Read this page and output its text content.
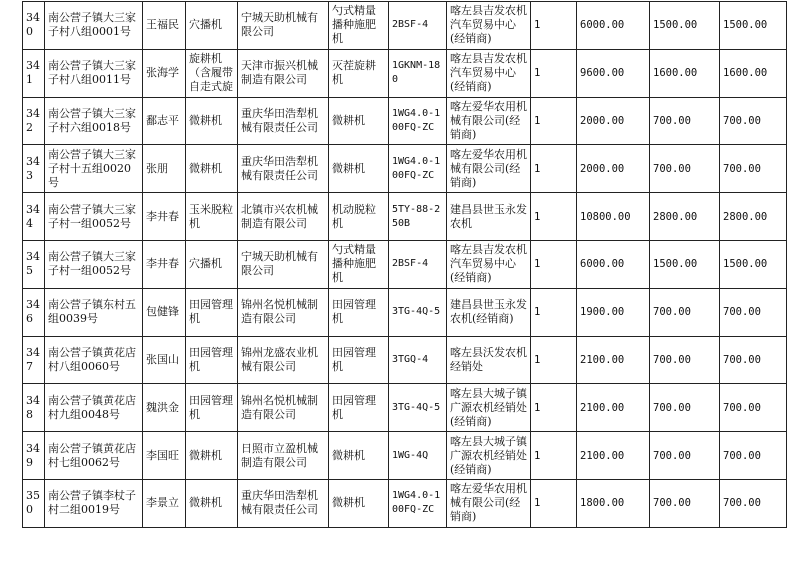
340	南公营子镇大三家子村八组0001号	王福民	穴播机	宁城天助机械有限公司	勺式精量播种施肥机	2BSF-4	喀左县吉发农机汽车贸易中心(经销商)	1	6000.00	1500.00	1500.00
341	南公营子镇大三家子村八组0011号	张海学	旋耕机（含履带自走式旋	天津市振兴机械制造有限公司	灭茬旋耕机	1GKNM-180	喀左县吉发农机汽车贸易中心(经销商)	1	9600.00	1600.00	1600.00
342	南公营子镇大三家子村六组0018号	鄱志平	微耕机	重庆华田浩犁机械有限责任公司	微耕机	1WG4.0-100FQ-ZC	喀左爱华农用机械有限公司(经销商)	1	2000.00	700.00	700.00
343	南公营子镇大三家子村十五组0020号	张朋	微耕机	重庆华田浩犁机械有限责任公司	微耕机	1WG4.0-100FQ-ZC	喀左爱华农用机械有限公司(经销商)	1	2000.00	700.00	700.00
344	南公营子镇大三家子村一组0052号	李井春	玉米脱粒机	北镇市兴农机械制造有限公司	机动脱粒机	5TY-88-250B	建昌县世玉永发农机	1	10800.00	2800.00	2800.00
345	南公营子镇大三家子村一组0052号	李井春	穴播机	宁城天助机械有限公司	勺式精量播种施肥机	2BSF-4	喀左县吉发农机汽车贸易中心(经销商)	1	6000.00	1500.00	1500.00
346	南公营子镇东村五组0039号	包健锋	田园管理机	锦州名悦机械制造有限公司	田园管理机	3TG-4Q-5	建昌县世玉永发农机(经销商)	1	1900.00	700.00	700.00
347	南公营子镇黄花店村八组0060号	张国山	田园管理机	锦州龙盛农业机械有限公司	田园管理机	3TGQ-4	喀左县沃发农机经销处	1	2100.00	700.00	700.00
348	南公营子镇黄花店村九组0048号	魏洪金	田园管理机	锦州名悦机械制造有限公司	田园管理机	3TG-4Q-5	喀左县大城子镇广源农机经销处(经销商)	1	2100.00	700.00	700.00
349	南公营子镇黄花店村七组0062号	李国旺	微耕机	日照市立盈机械制造有限公司	微耕机	1WG-4Q	喀左县大城子镇广源农机经销处(经销商)	1	2100.00	700.00	700.00
350	南公营子镇李杖子村二组0019号	李景立	微耕机	重庆华田浩犁机械有限责任公司	微耕机	1WG4.0-100FQ-ZC	喀左爱华农用机械有限公司(经销商)	1	1800.00	700.00	700.00
